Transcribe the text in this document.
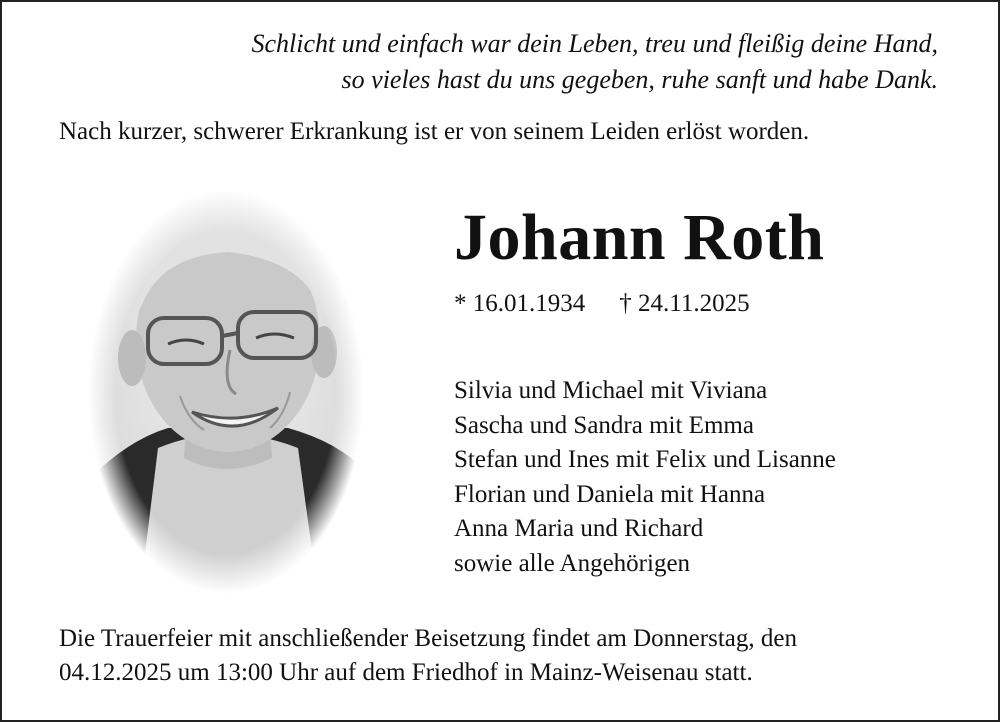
Schlicht und einfach war dein Leben, treu und fleißig deine Hand,
so vieles hast du uns gegeben, ruhe sanft und habe Dank.
Nach kurzer, schwerer Erkrankung ist er von seinem Leiden erlöst worden.
Johann Roth
* 16.01.1934 † 24.11.2025
Silvia und Michael mit Viviana
Sascha und Sandra mit Emma
Stefan und Ines mit Felix und Lisanne
Florian und Daniela mit Hanna
Anna Maria und Richard
sowie alle Angehörigen
Die Trauerfeier mit anschließender Beisetzung findet am Donnerstag, den
04.12.2025 um 13:00 Uhr auf dem Friedhof in Mainz-Weisenau statt.
